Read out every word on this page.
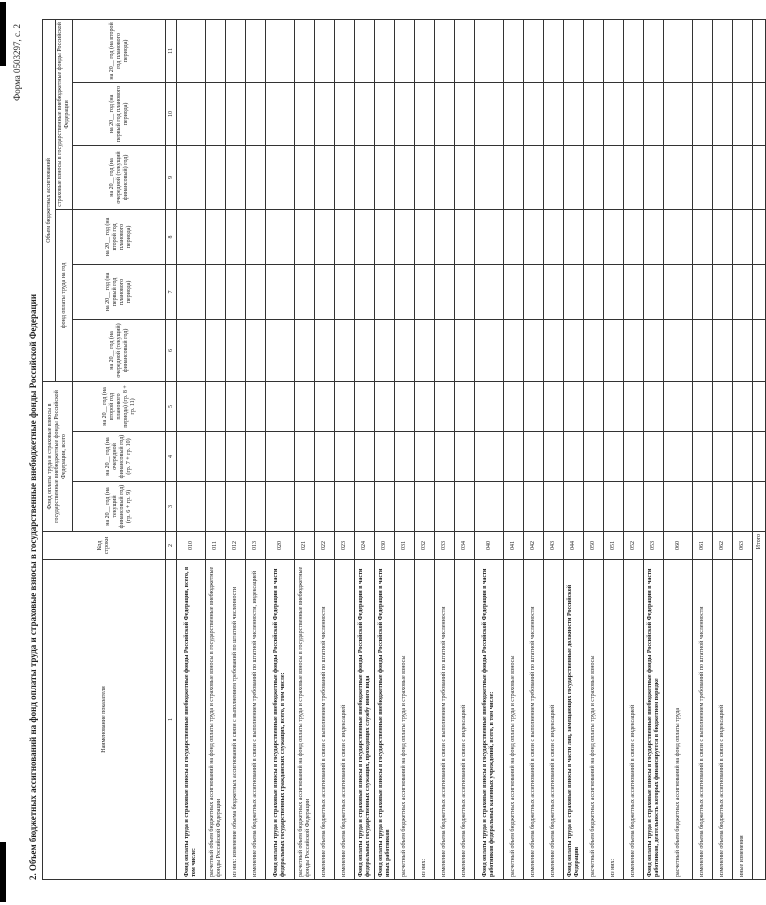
Форма 0503297, с. 2
2. Объем бюджетных ассигнований на фонд оплаты труда и страховые взносы в государственные внебюджетные фонды Российской Федерации	Наименование показателя	Код строки	Фонд оплаты труда и страховые взносы в государственные внебюджетные фонды Российской Федерации, всего			Объем бюджетных ассигнований					
					фонд оплаты труда на год			страховые взносы в государственные внебюджетные фонды Российской Федерации		
		на 20__ год (на текущий финансовый год) (гр. 6 + гр. 9)	на 20__ год (на очередной финансовый год) (гр. 7 + гр. 10)	на 20__ год (на второй год планового периода) (гр. 8 + гр. 11)	на 20__ год (на очередной (текущий) финансовый год)	на 20__ год (на первый год планового периода)	на 20__ год (на второй год планового периода)	на 20__ год (на очередной (текущий финансовый) год)	на 20__ год (на первый год планового периода)	на 20__ год (на второй год планового периода)
1	2	3	4	5	6	7	8	9	10	11
Фонд оплаты труда и страховые взносы в государственные внебюджетные фонды Российской Федерации, всего, в том числе:	010									
расчетный объем бюджетных ассигнований на фонд оплаты труда и страховые взносы в государственные внебюджетные фонды Российской Федерации	011									
из них: изменение объема бюджетных ассигнований в связи с выполнением требований по штатной численности	012									
изменение объема бюджетных ассигнований в связи с выполнением требований по штатной численности, индексацией	013									
Фонд оплаты труда и страховые взносы в государственные внебюджетные фонды Российской Федерации в части федеральных государственных гражданских служащих, всего, в том числе:	020									
расчетный объем бюджетных ассигнований на фонд оплаты труда и страховые взносы в государственные внебюджетные фонды Российской Федерации	021									
изменение объема бюджетных ассигнований в связи с выполнением требований по штатной численности	022									
изменение объема бюджетных ассигнований в связи с индексацией	023									
Фонд оплаты труда и страховые взносы в государственные внебюджетные фонды Российской Федерации в части федеральных государственных служащих, проходящих службу иного вида	024									
Фонд оплаты труда и страховые взносы в государственные внебюджетные фонды Российской Федерации в части иных работников	030									
расчетный объем бюджетных ассигнований на фонд оплаты труда и страховые взносы	031									
из них:	032									
изменение объема бюджетных ассигнований в связи с выполнением требований по штатной численности	033									
изменение объема бюджетных ассигнований в связи с индексацией	034									
Фонд оплаты труда и страховые взносы в государственные внебюджетные фонды Российской Федерации в части работников федеральных казенных учреждений, всего, в том числе:	040									
расчетный объем бюджетных ассигнований на фонд оплаты труда и страховые взносы	041									
изменение объема бюджетных ассигнований в связи с выполнением требований по штатной численности	042									
изменение объема бюджетных ассигнований в связи с индексацией	043									
Фонд оплаты труда и страховые взносы в части лиц, замещающих государственные должности Российской Федерации	044									
расчетный объем бюджетных ассигнований на фонд оплаты труда и страховые взносы	050									
из них:	051									
изменение объема бюджетных ассигнований в связи с индексацией	052									
Фонд оплаты труда и страховые взносы в государственные внебюджетные фонды Российской Федерации в части работников, деятельность которых финансируется в бюджетном порядке	053									
расчетный объем бюджетных ассигнований на фонд оплаты труда	060									
изменение объема бюджетных ассигнований в связи с выполнением требований по штатной численности	061									
изменение объема бюджетных ассигнований в связи с индексацией	062									
иные изменения	063									
Итого										
